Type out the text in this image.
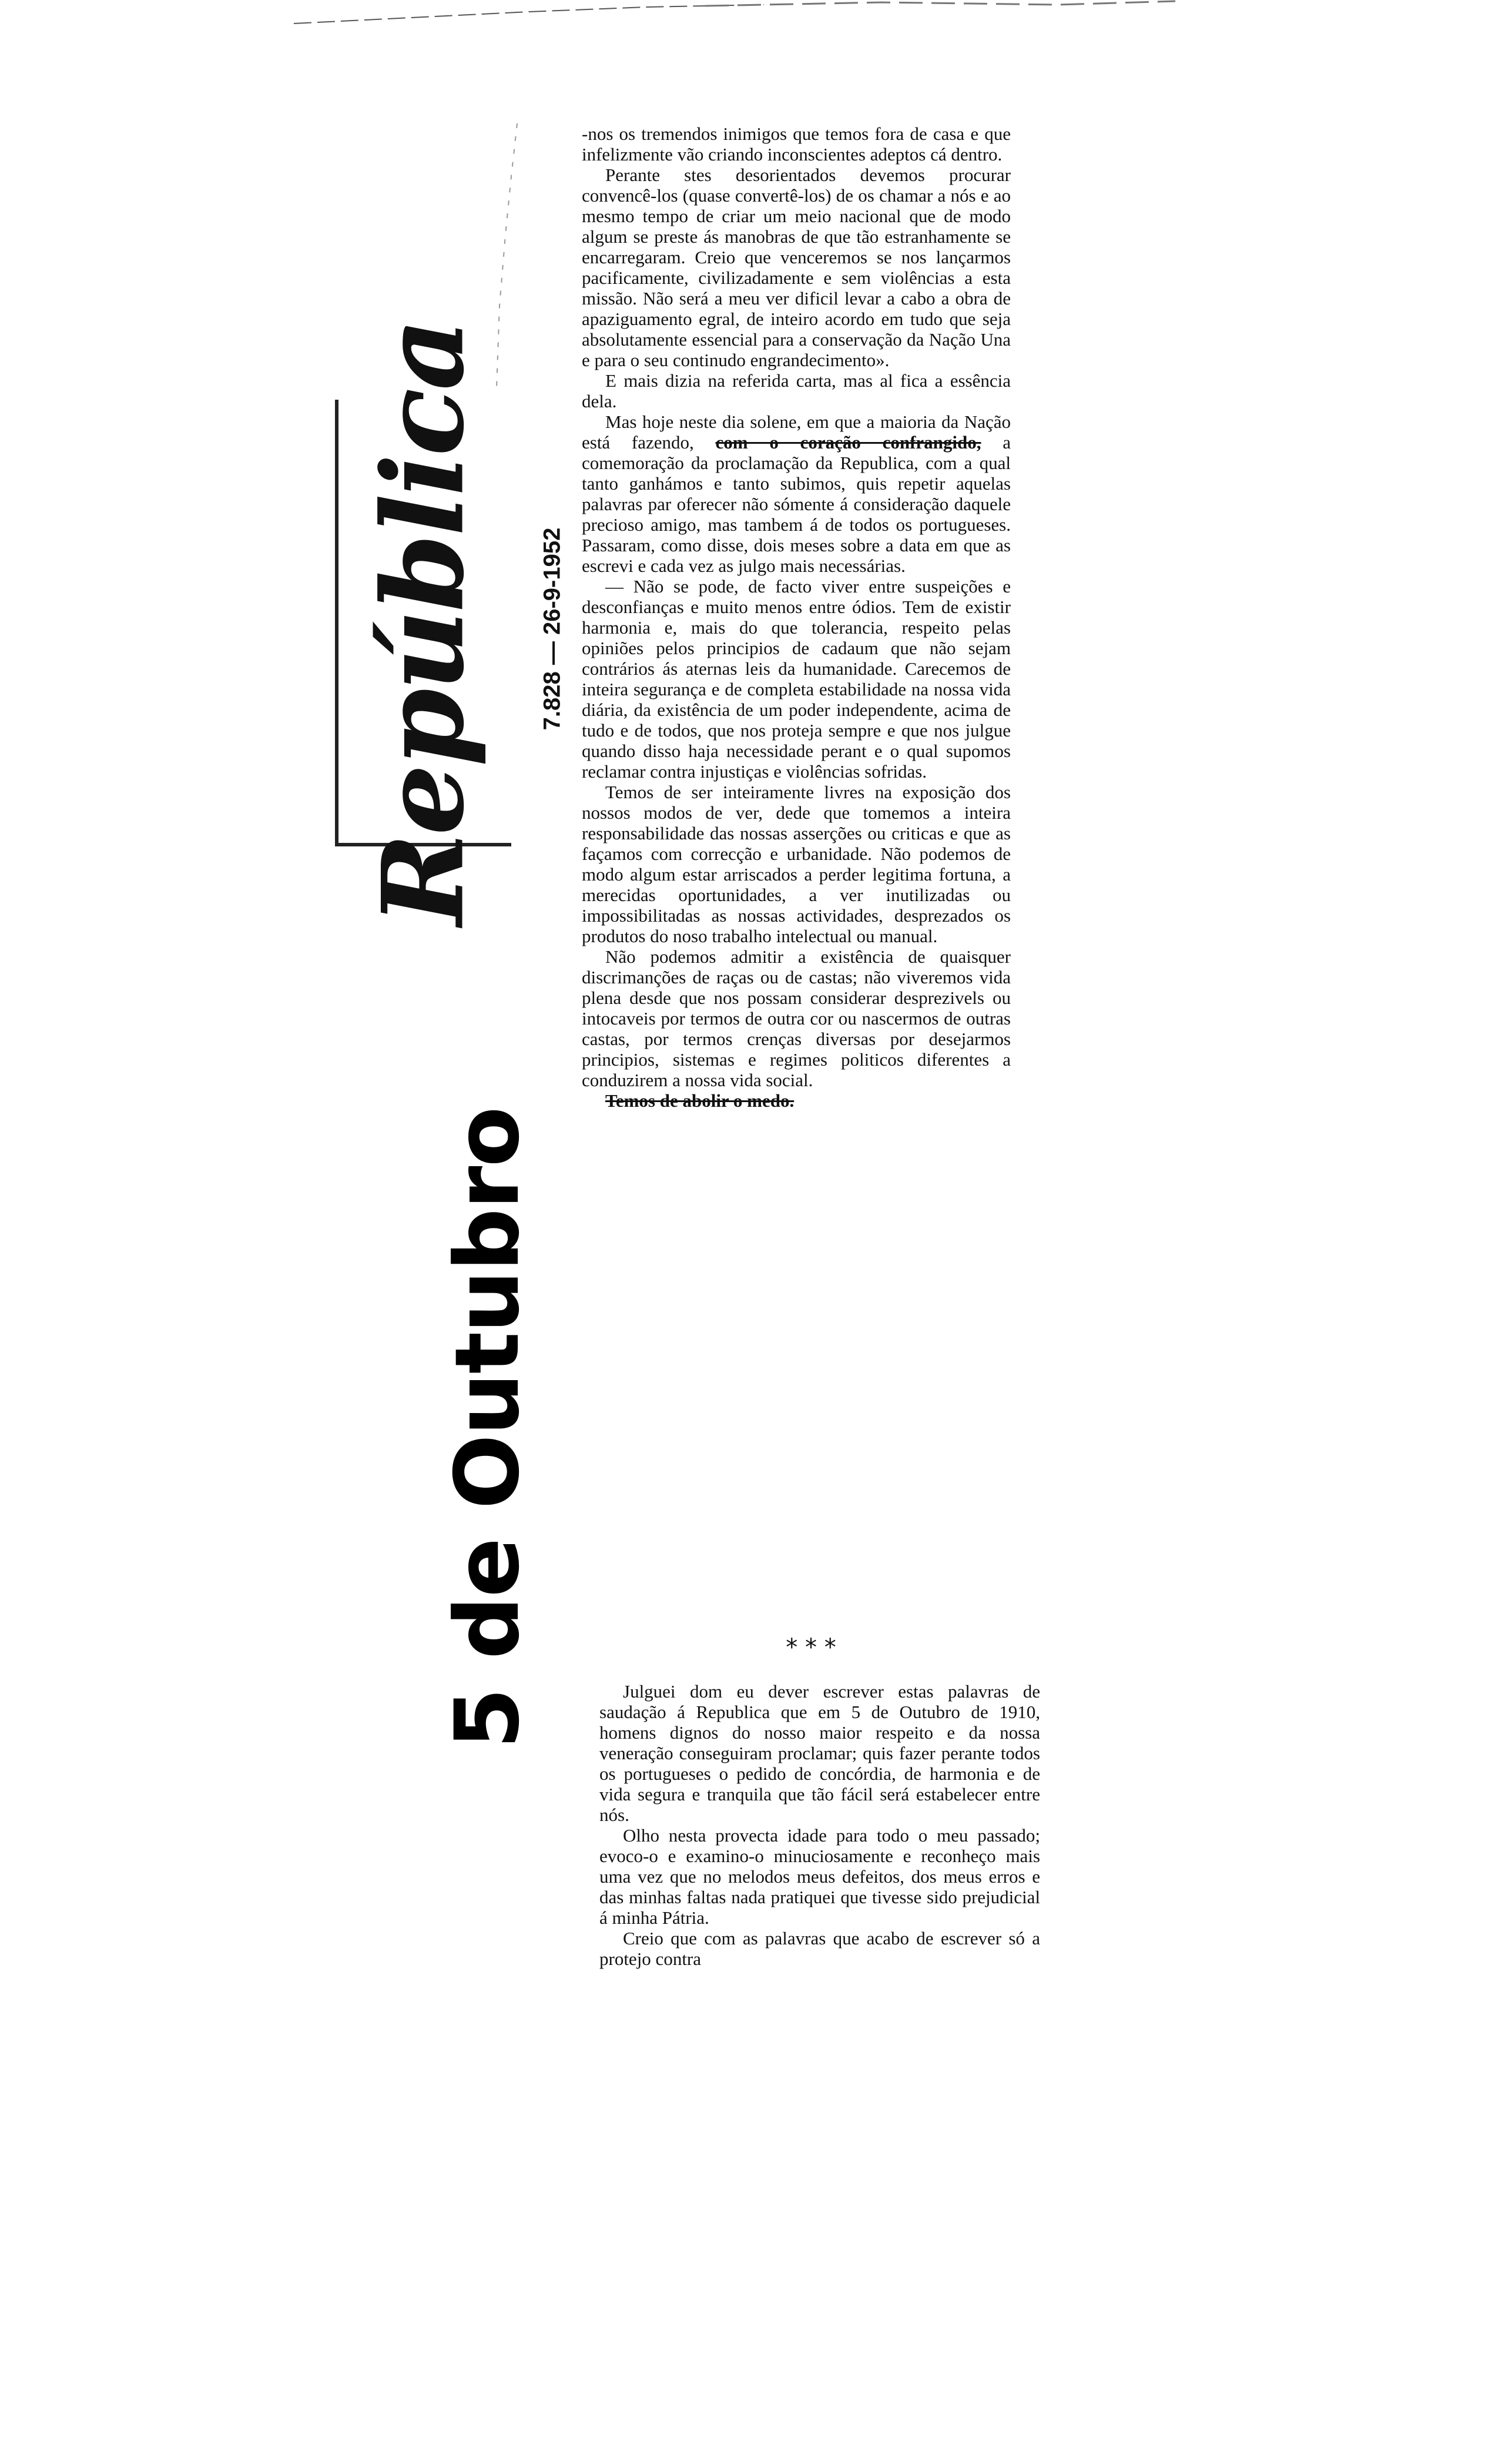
República 7.828 — 26-9-1952
5 de Outubro

-nos os tremendos inimigos que temos fora de casa e que infelizmente vão criando inconscientes adeptos cá dentro.

Perante stes desorientados devemos procurar convencê-los (quase convertê-los) de os chamar a nós e ao mesmo tempo de criar um meio nacional que de modo algum se preste ás manobras de que tão estranhamente se encarregaram. Creio que venceremos se nos lançarmos pacificamente, civilizadamente e sem violências a esta missão. Não será a meu ver dificil levar a cabo a obra de apaziguamento egral, de inteiro acordo em tudo que seja absolutamente essencial para a conservação da Nação Una e para o seu continudo engrandecimento».

E mais dizia na referida carta, mas al fica a essência dela.

Mas hoje neste dia solene, em que a maioria da Nação está fazendo, com o coração confrangido, a comemoração da proclamação da Republica, com a qual tanto ganhámos e tanto subimos, quis repetir aquelas palavras par oferecer não sómente á consideração daquele precioso amigo, mas tambem á de todos os portugueses. Passaram, como disse, dois meses sobre a data em que as escrevi e cada vez as julgo mais necessárias.

— Não se pode, de facto viver entre suspeições e desconfianças e muito menos entre ódios. Tem de existir harmonia e, mais do que tolerancia, respeito pelas opiniões pelos principios de cadaum que não sejam contrários ás aternas leis da humanidade. Carecemos de inteira segurança e de completa estabilidade na nossa vida diária, da existência de um poder independente, acima de tudo e de todos, que nos proteja sempre e que nos julgue quando disso haja necessidade perant e o qual supomos reclamar contra injustiças e violências sofridas.

Temos de ser inteiramente livres na exposição dos nossos modos de ver, dede que tomemos a inteira responsabilidade das nossas asserções ou criticas e que as façamos com correcção e urbanidade. Não podemos de modo algum estar arriscados a perder legitima fortuna, a merecidas oportunidades, a ver inutilizadas ou impossibilitadas as nossas actividades, desprezados os produtos do noso trabalho intelectual ou manual.

Não podemos admitir a existência de quaisquer discrimanções de raças ou de castas; não viveremos vida plena desde que nos possam considerar desprezivels ou intocaveis por termos de outra cor ou nascermos de outras castas, por termos crenças diversas por desejarmos principios, sistemas e regimes politicos diferentes a conduzirem a nossa vida social.

Temos de abolir o medo.

* * *

Julguei dom eu dever escrever estas palavras de saudação á Republica que em 5 de Outubro de 1910, homens dignos do nosso maior respeito e da nossa veneração conseguiram proclamar; quis fazer perante todos os portugueses o pedido de concórdia, de harmonia e de vida segura e tranquila que tão fácil será estabelecer entre nós.

Olho nesta provecta idade para todo o meu passado; evoco-o e examino-o minuciosamente e reconheço mais uma vez que no melodos meus defeitos, dos meus erros e das minhas faltas nada pratiquei que tivesse sido prejudicial á minha Pátria.

Creio que com as palavras que acabo de escrever só a protejo contra
